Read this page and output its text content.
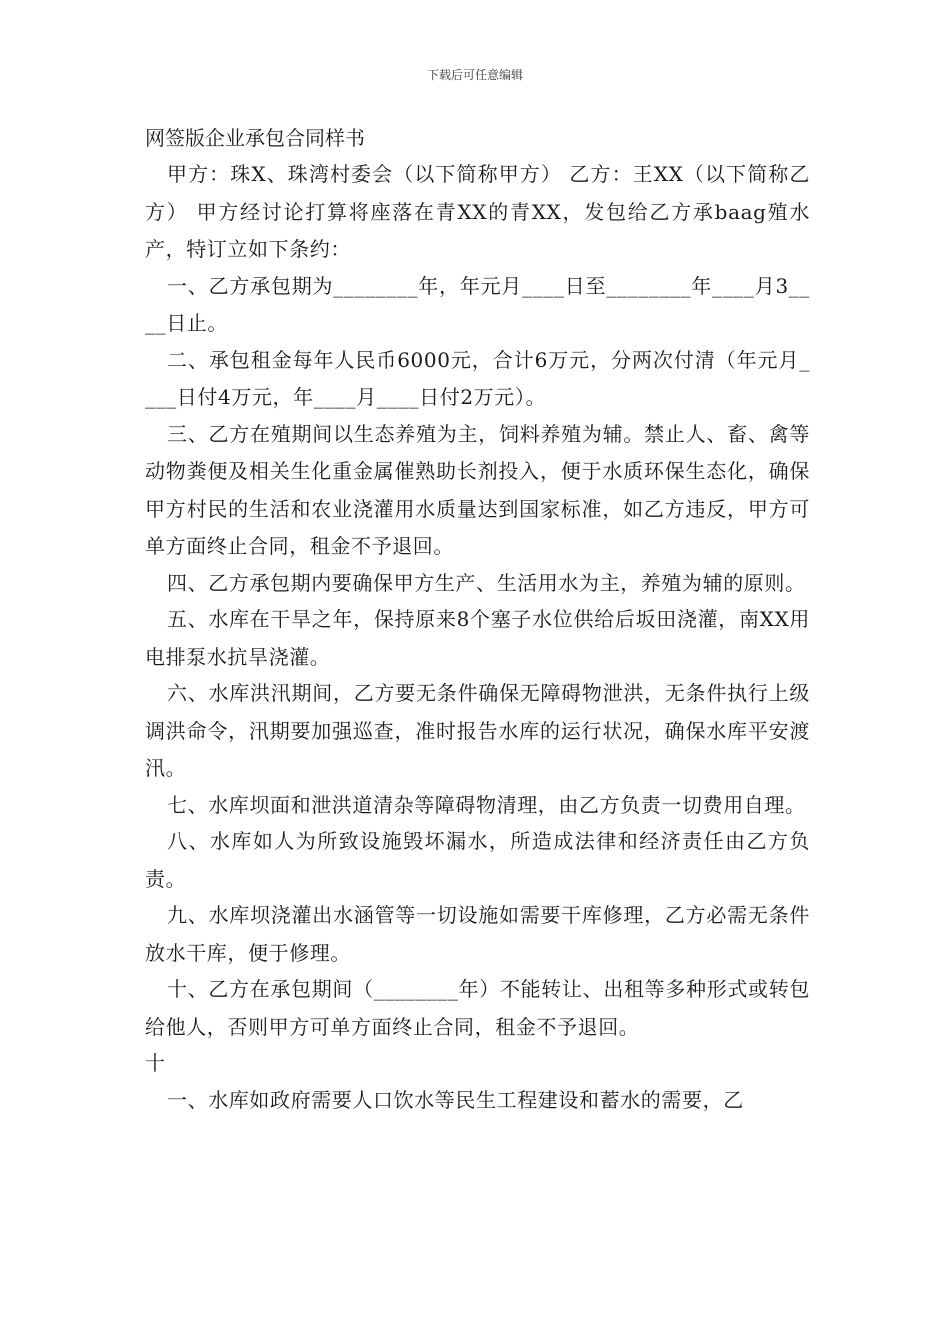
下载后可任意编辑
网签版企业承包合同样书

甲方：珠X、珠湾村委会（以下简称甲方） 乙方：王XX（以下简称乙方） 甲方经讨论打算将座落在青XX的青XX，发包给乙方承baag殖水产，特订立如下条约：

一、乙方承包期为________年，年元月____日至________年____月3____日止。

二、承包租金每年人民币6000元，合计6万元，分两次付清（年元月____日付4万元，年____月____日付2万元）。

三、乙方在殖期间以生态养殖为主，饲料养殖为辅。禁止人、畜、禽等动物粪便及相关生化重金属催熟助长剂投入，便于水质环保生态化，确保甲方村民的生活和农业浇灌用水质量达到国家标准，如乙方违反，甲方可单方面终止合同，租金不予退回。

四、乙方承包期内要确保甲方生产、生活用水为主，养殖为辅的原则。

五、水库在干旱之年，保持原来8个塞子水位供给后坂田浇灌，南XX用电排泵水抗旱浇灌。

六、水库洪汛期间，乙方要无条件确保无障碍物泄洪，无条件执行上级调洪命令，汛期要加强巡查，准时报告水库的运行状况，确保水库平安渡汛。

七、水库坝面和泄洪道清杂等障碍物清理，由乙方负责一切费用自理。

八、水库如人为所致设施毁坏漏水，所造成法律和经济责任由乙方负责。

九、水库坝浇灌出水涵管等一切设施如需要干库修理，乙方必需无条件放水干库，便于修理。

十、乙方在承包期间（________年）不能转让、出租等多种形式或转包给他人，否则甲方可单方面终止合同，租金不予退回。

十

一、水库如政府需要人口饮水等民生工程建设和蓄水的需要，乙
